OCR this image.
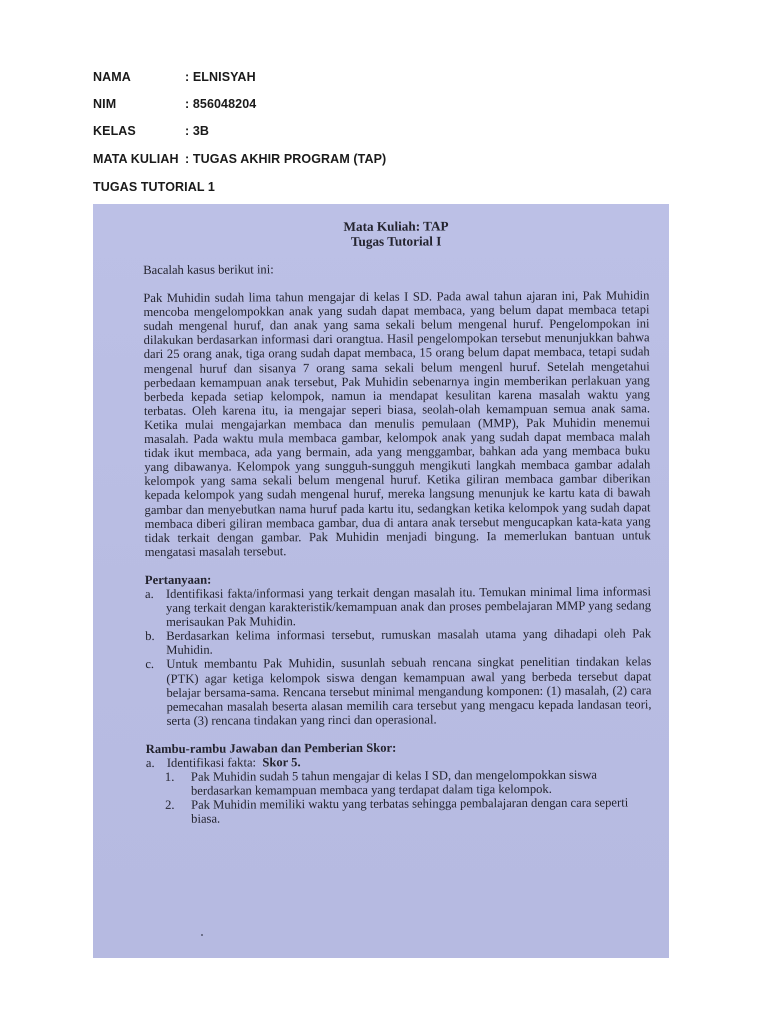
NAMA	: ELNISYAH
NIM	: 856048204
KELAS	: 3B
MATA KULIAH : TUGAS AKHIR PROGRAM (TAP)
TUGAS TUTORIAL 1
Mata Kuliah: TAP
Tugas Tutorial I
Bacalah kasus berikut ini:
Pak Muhidin sudah lima tahun mengajar di kelas I SD. Pada awal tahun ajaran ini, Pak Muhidin mencoba mengelompokkan anak yang sudah dapat membaca, yang belum dapat membaca tetapi sudah mengenal huruf, dan anak yang sama sekali belum mengenal huruf. Pengelompokan ini dilakukan berdasarkan informasi dari orangtua. Hasil pengelompokan tersebut menunjukkan bahwa dari 25 orang anak, tiga orang sudah dapat membaca, 15 orang belum dapat membaca, tetapi sudah mengenal huruf dan sisanya 7 orang sama sekali belum mengenl huruf. Setelah mengetahui perbedaan kemampuan anak tersebut, Pak Muhidin sebenarnya ingin memberikan perlakuan yang berbeda kepada setiap kelompok, namun ia mendapat kesulitan karena masalah waktu yang terbatas. Oleh karena itu, ia mengajar seperi biasa, seolah-olah kemampuan semua anak sama. Ketika mulai mengajarkan membaca dan menulis pemulaan (MMP), Pak Muhidin menemui masalah. Pada waktu mula membaca gambar, kelompok anak yang sudah dapat membaca malah tidak ikut membaca, ada yang bermain, ada yang menggambar, bahkan ada yang membaca buku yang dibawanya. Kelompok yang sungguh-sungguh mengikuti langkah membaca gambar adalah kelompok yang sama sekali belum mengenal huruf. Ketika giliran membaca gambar diberikan kepada kelompok yang sudah mengenal huruf, mereka langsung menunjuk ke kartu kata di bawah gambar dan menyebutkan nama huruf pada kartu itu, sedangkan ketika kelompok yang sudah dapat membaca diberi giliran membaca gambar, dua di antara anak tersebut mengucapkan kata-kata yang tidak terkait dengan gambar. Pak Muhidin menjadi bingung. Ia memerlukan bantuan untuk mengatasi masalah tersebut.
Pertanyaan:
a. Identifikasi fakta/informasi yang terkait dengan masalah itu. Temukan minimal lima informasi yang terkait dengan karakteristik/kemampuan anak dan proses pembelajaran MMP yang sedang merisaukan Pak Muhidin.
b. Berdasarkan kelima informasi tersebut, rumuskan masalah utama yang dihadapi oleh Pak Muhidin.
c. Untuk membantu Pak Muhidin, susunlah sebuah rencana singkat penelitian tindakan kelas (PTK) agar ketiga kelompok siswa dengan kemampuan awal yang berbeda tersebut dapat belajar bersama-sama. Rencana tersebut minimal mengandung komponen: (1) masalah, (2) cara pemecahan masalah beserta alasan memilih cara tersebut yang mengacu kepada landasan teori, serta (3) rencana tindakan yang rinci dan operasional.
Rambu-rambu Jawaban dan Pemberian Skor:
a. Identifikasi fakta: Skor 5.
1.	Pak Muhidin sudah 5 tahun mengajar di kelas I SD, dan mengelompokkan siswa berdasarkan kemampuan membaca yang terdapat dalam tiga kelompok.
2.	Pak Muhidin memiliki waktu yang terbatas sehingga pembalajaran dengan cara seperti biasa.
